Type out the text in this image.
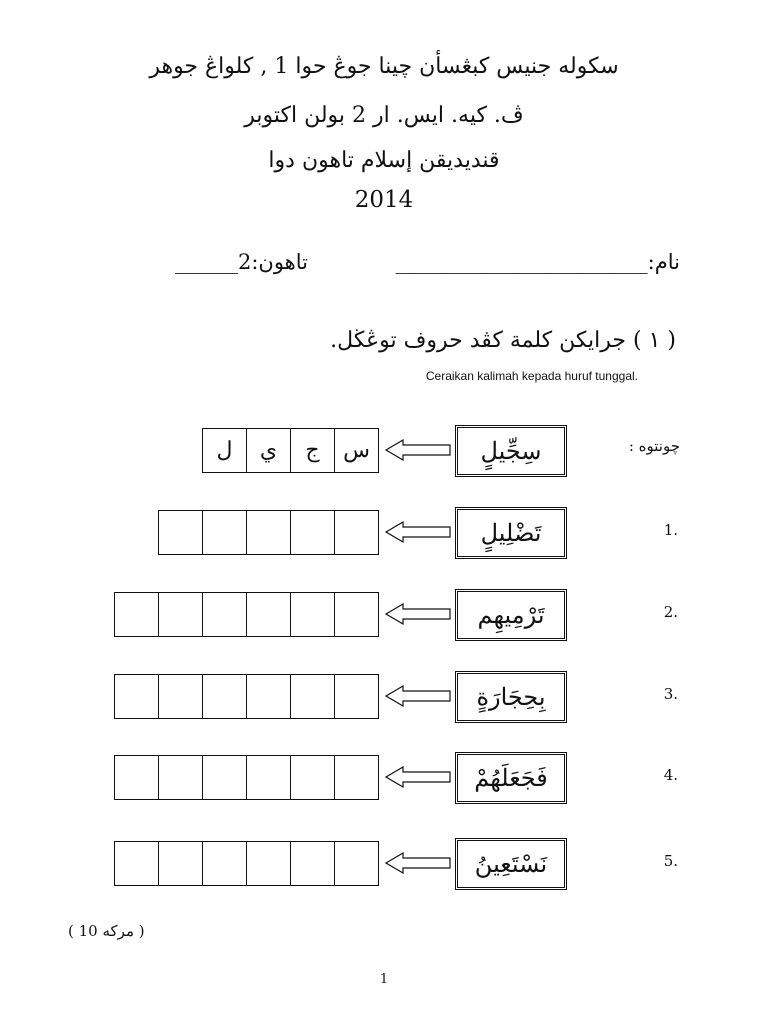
سکوله جنيس کبڠسأن چينا جوڠ حوا 1 , کلواڠ جوهر
ڤ. کيه. ايس. ار 2 بولن اکتوبر
قنديديقن إسلام تاهون دوا
2014
نام:________________________
تاهون:2______
( ١ ) جرايکن کلمة کڤد حروف توڠڬل.
Ceraikan kalimah kepada huruf tunggal.
چونتوه :
سِجِّيلٍ
س
ج
ي
ل
1.
تَضْلِيلٍ
2.
تَرْمِيهِم
3.
بِحِجَارَةٍ
4.
فَجَعَلَهُمْ
5.
نَسْتَعِينُ
( مرکه 10 )
1
